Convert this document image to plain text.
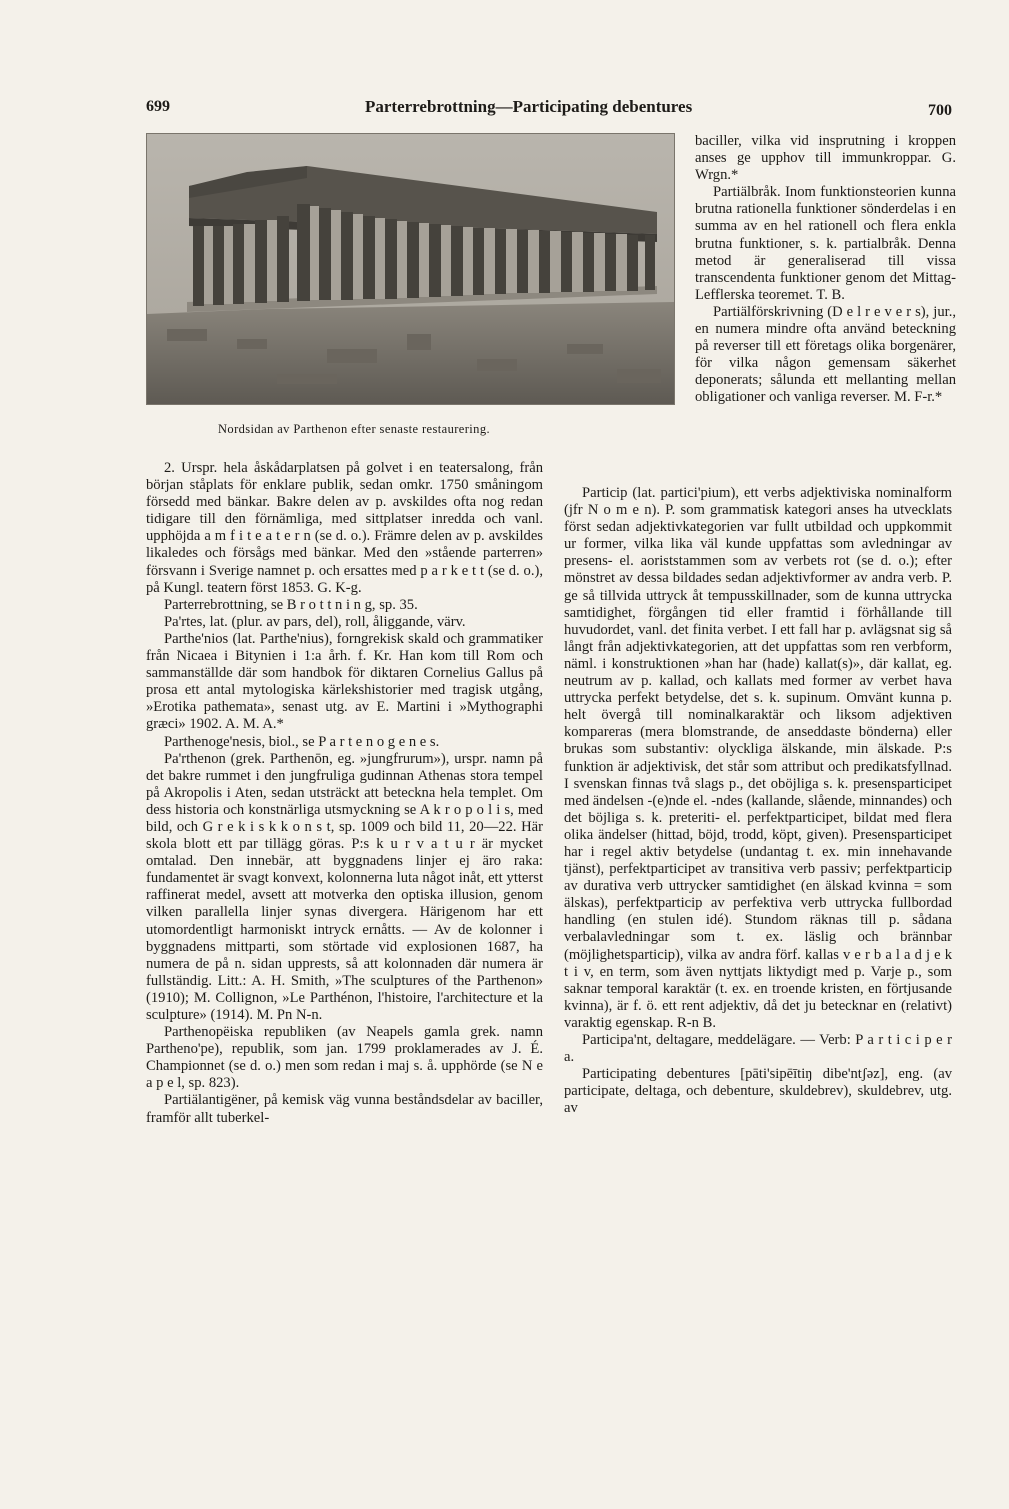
699	Parterrebrottning—Participating debentures	700
Nordsidan av Parthenon efter senaste restaurering.

baciller, vilka vid insprutning i kroppen anses ge upphov till immunkroppar. G. Wrgn.*

Partiälbråk. Inom funktionsteorien kunna brutna rationella funktioner sönderdelas i en summa av en hel rationell och flera enkla brutna funktioner, s. k. partialbråk. Denna metod är generaliserad till vissa transcendenta funktioner genom det Mittag-Lefflerska teoremet. T. B.

Partiälförskrivning (D e l r e v e r s), jur., en numera mindre ofta använd beteckning på reverser till ett företags olika borgenärer, för vilka någon gemensam säkerhet deponerats; sålunda ett mellanting mellan obligationer och vanliga reverser. M. F-r.*

2. Urspr. hela åskådarplatsen på golvet i en teatersalong, från början ståplats för enklare publik, sedan omkr. 1750 småningom försedd med bänkar. Bakre delen av p. avskildes ofta nog redan tidigare till den förnämliga, med sittplatser inredda och vanl. upphöjda a m f i t e a t e r n (se d. o.). Främre delen av p. avskildes likaledes och försågs med bänkar. Med den »stående parterren» försvann i Sverige namnet p. och ersattes med p a r k e t t (se d. o.), på Kungl. teatern först 1853. G. K-g.

Parterrebrottning, se B r o t t n i n g, sp. 35.

Pa'rtes, lat. (plur. av pars, del), roll, åliggande, värv.

Parthe'nios (lat. Parthe'nius), forngrekisk skald och grammatiker från Nicaea i Bitynien i 1:a årh. f. Kr. Han kom till Rom och sammanställde där som handbok för diktaren Cornelius Gallus på prosa ett antal mytologiska kärlekshistorier med tragisk utgång, »Erotika pathemata», senast utg. av E. Martini i »Mythographi græci» 1902. A. M. A.*

Parthenoge'nesis, biol., se P a r t e n o g e n e s.

Pa'rthenon (grek. Parthenōn, eg. »jungfrurum»), urspr. namn på det bakre rummet i den jungfruliga gudinnan Athenas stora tempel på Akropolis i Aten, sedan utsträckt att beteckna hela templet. Om dess historia och konstnärliga utsmyckning se A k r o p o l i s, med bild, och G r e k i s k k o n s t, sp. 1009 och bild 11, 20—22. Här skola blott ett par tillägg göras. P:s k u r v a t u r är mycket omtalad. Den innebär, att byggnadens linjer ej äro raka: fundamentet är svagt konvext, kolonnerna luta något inåt, ett ytterst raffinerat medel, avsett att motverka den optiska illusion, genom vilken parallella linjer synas divergera. Härigenom har ett utomordentligt harmoniskt intryck ernåtts. — Av de kolonner i byggnadens mittparti, som störtade vid explosionen 1687, ha numera de på n. sidan upprests, så att kolonnaden där numera är fullständig. Litt.: A. H. Smith, »The sculptures of the Parthenon» (1910); M. Collignon, »Le Parthénon, l'histoire, l'architecture et la sculpture» (1914). M. Pn N-n.

Parthenopëiska republiken (av Neapels gamla grek. namn Partheno'pe), republik, som jan. 1799 proklamerades av J. É. Championnet (se d. o.) men som redan i maj s. å. upphörde (se N e a p e l, sp. 823).

Partiälantigëner, på kemisk väg vunna beståndsdelar av baciller, framför allt tuberkel-

Particip (lat. partici'pium), ett verbs adjektiviska nominalform (jfr N o m e n). P. som grammatisk kategori anses ha utvecklats först sedan adjektivkategorien var fullt utbildad och uppkommit ur former, vilka lika väl kunde uppfattas som avledningar av presens- el. aoriststammen som av verbets rot (se d. o.); efter mönstret av dessa bildades sedan adjektivformer av andra verb. P. ge så tillvida uttryck åt tempusskillnader, som de kunna uttrycka samtidighet, förgången tid eller framtid i förhållande till huvudordet, vanl. det finita verbet. I ett fall har p. avlägsnat sig så långt från adjektivkategorien, att det uppfattas som ren verbform, näml. i konstruktionen »han har (hade) kallat(s)», där kallat, eg. neutrum av p. kallad, och kallats med former av verbet hava uttrycka perfekt betydelse, det s. k. supinum. Omvänt kunna p. helt övergå till nominalkaraktär och liksom adjektiven kompareras (mera blomstrande, de anseddaste bönderna) eller brukas som substantiv: olyckliga älskande, min älskade. P:s funktion är adjektivisk, det står som attribut och predikatsfyllnad. I svenskan finnas två slags p., det oböjliga s. k. presensparticipet med ändelsen -(e)nde el. -ndes (kallande, slående, minnandes) och det böjliga s. k. preteriti- el. perfektparticipet, bildat med flera olika ändelser (hittad, böjd, trodd, köpt, given). Presensparticipet har i regel aktiv betydelse (undantag t. ex. min innehavande tjänst), perfektparticipet av transitiva verb passiv; perfektparticip av durativa verb uttrycker samtidighet (en älskad kvinna = som älskas), perfektparticip av perfektiva verb uttrycka fullbordad handling (en stulen idé). Stundom räknas till p. sådana verbalavledningar som t. ex. läslig och brännbar (möjlighetsparticip), vilka av andra förf. kallas v e r b a l a d j e k t i v, en term, som även nyttjats liktydigt med p. Varje p., som saknar temporal karaktär (t. ex. en troende kristen, en förtjusande kvinna), är f. ö. ett rent adjektiv, då det ju betecknar en (relativt) varaktig egenskap. R-n B.

Participa'nt, deltagare, meddelägare. — Verb: P a r t i c i p e r a.

Participating debentures [pāti'sipēītiŋ dibe'ntʃəz], eng. (av participate, deltaga, och debenture, skuldebrev), skuldebrev, utg. av
